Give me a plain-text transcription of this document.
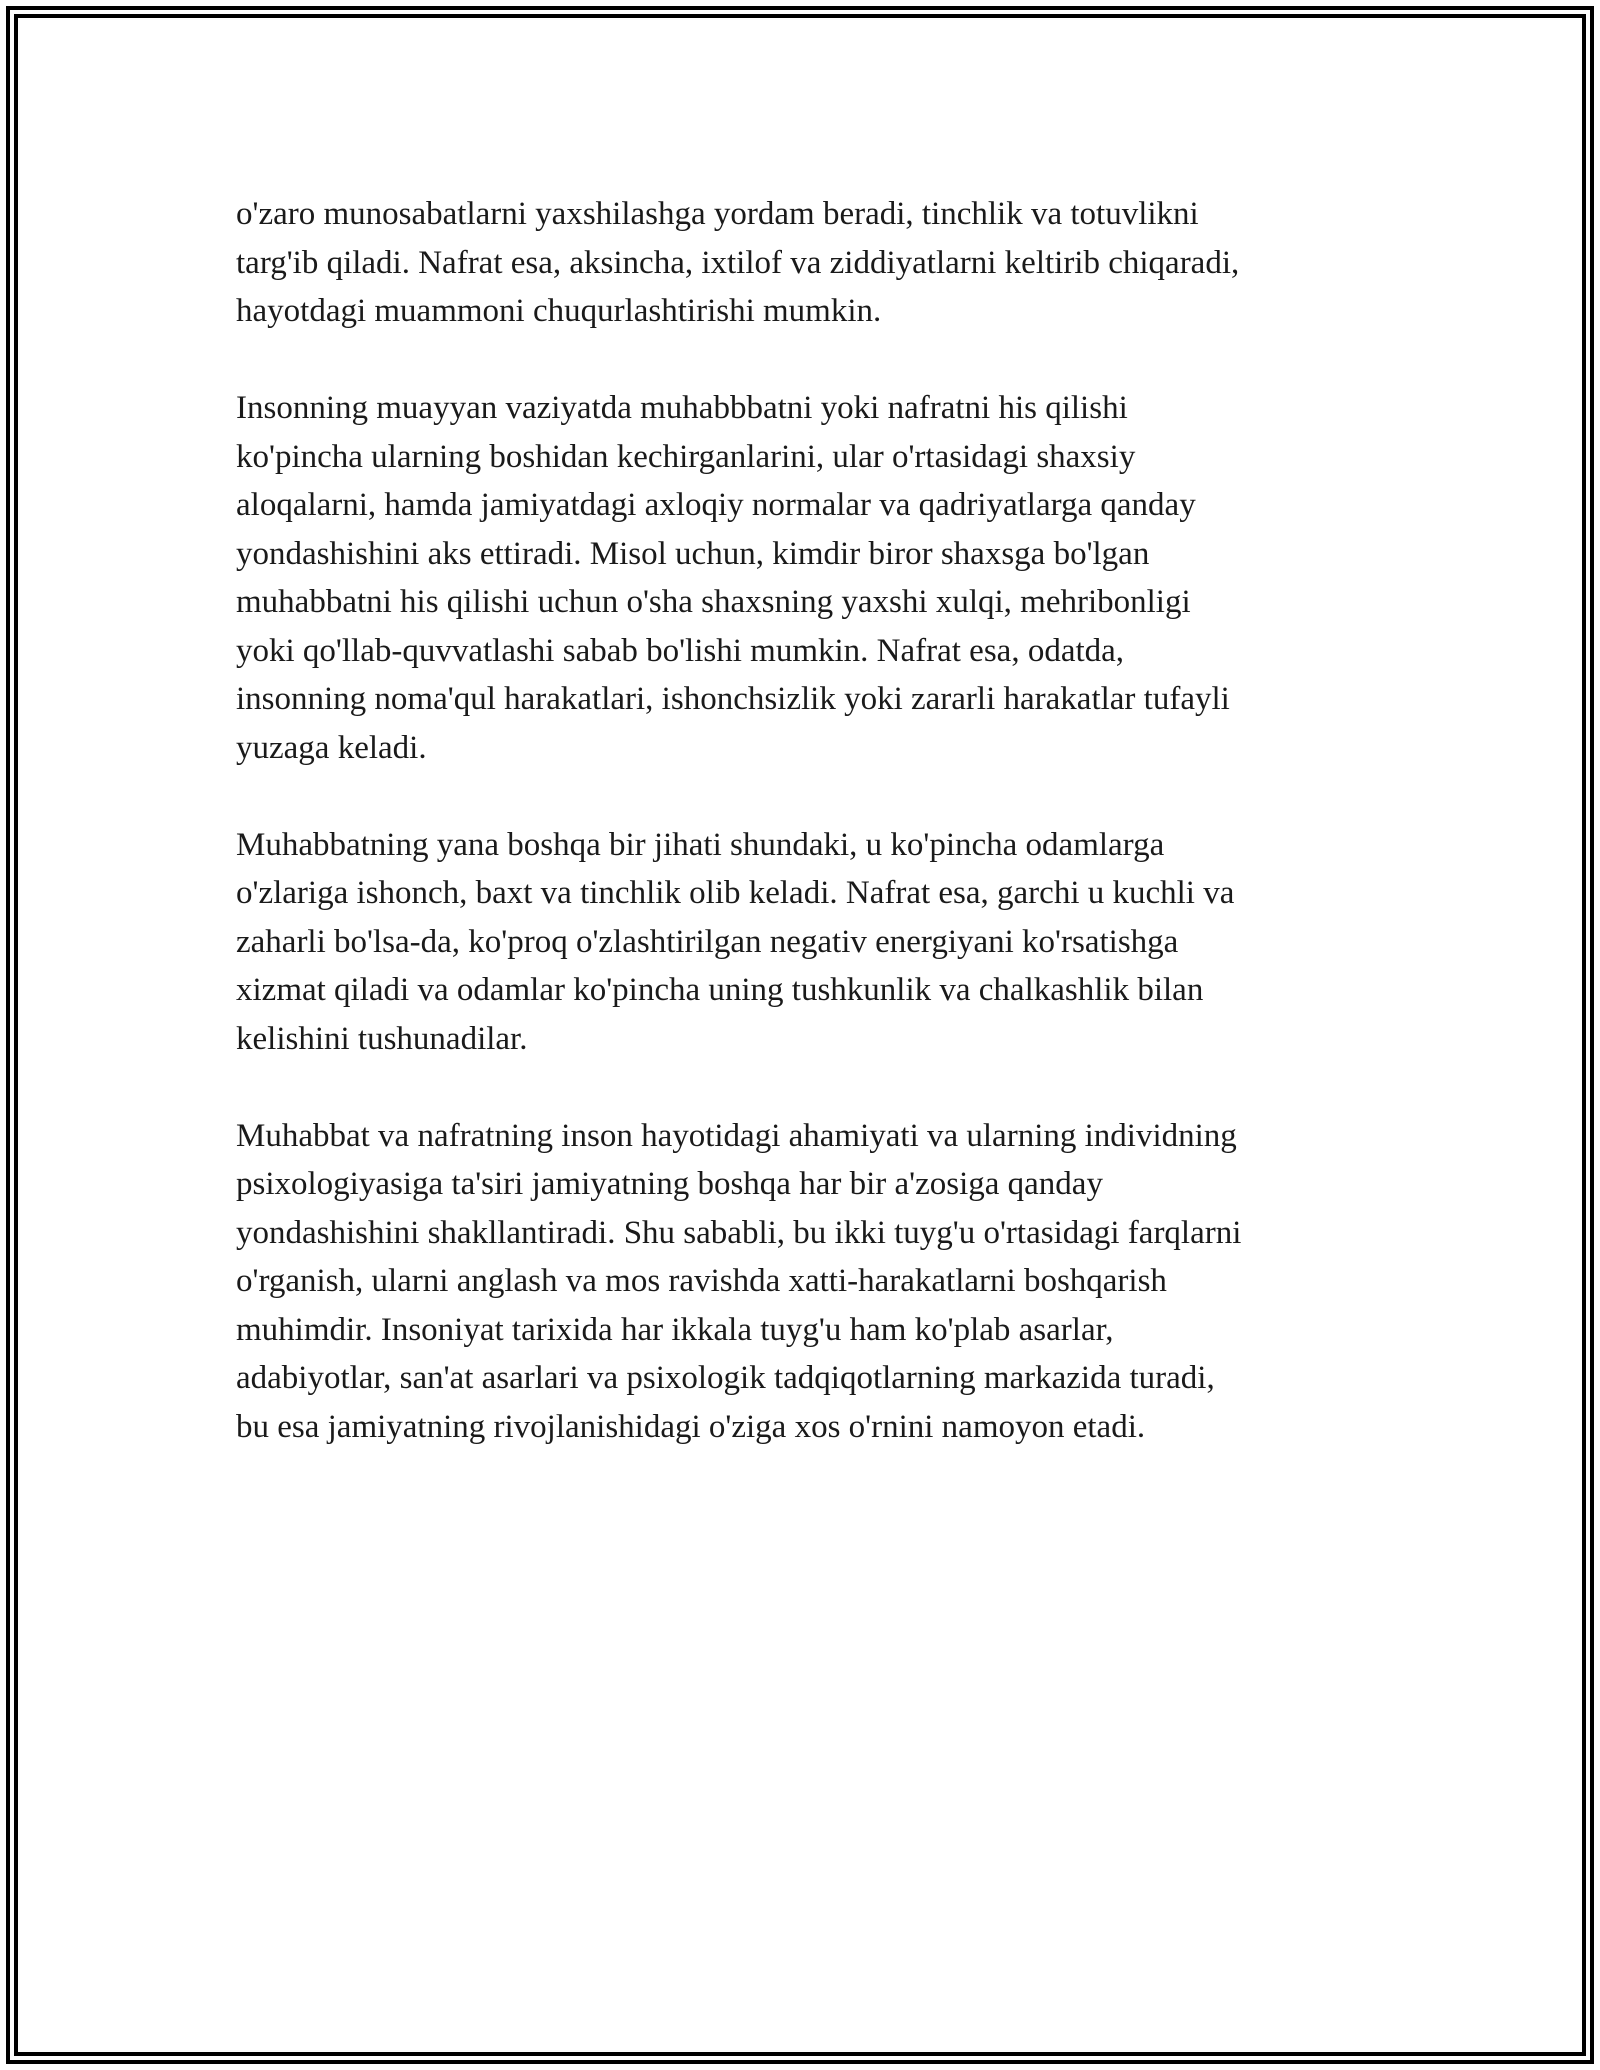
o'zaro munosabatlarni yaxshilashga yordam beradi, tinchlik va totuvlikni
targ'ib qiladi. Nafrat esa, aksincha, ixtilof va ziddiyatlarni keltirib chiqaradi,
hayotdagi muammoni chuqurlashtirishi mumkin.

Insonning muayyan vaziyatda muhabbbatni yoki nafratni his qilishi
ko'pincha ularning boshidan kechirganlarini, ular o'rtasidagi shaxsiy
aloqalarni, hamda jamiyatdagi axloqiy normalar va qadriyatlarga qanday
yondashishini aks ettiradi. Misol uchun, kimdir biror shaxsga bo'lgan
muhabbatni his qilishi uchun o'sha shaxsning yaxshi xulqi, mehribonligi
yoki qo'llab-quvvatlashi sabab bo'lishi mumkin. Nafrat esa, odatda,
insonning noma'qul harakatlari, ishonchsizlik yoki zararli harakatlar tufayli
yuzaga keladi.

Muhabbatning yana boshqa bir jihati shundaki, u ko'pincha odamlarga
o'zlariga ishonch, baxt va tinchlik olib keladi. Nafrat esa, garchi u kuchli va
zaharli bo'lsa-da, ko'proq o'zlashtirilgan negativ energiyani ko'rsatishga
xizmat qiladi va odamlar ko'pincha uning tushkunlik va chalkashlik bilan
kelishini tushunadilar.

Muhabbat va nafratning inson hayotidagi ahamiyati va ularning individning
psixologiyasiga ta'siri jamiyatning boshqa har bir a'zosiga qanday
yondashishini shakllantiradi. Shu sababli, bu ikki tuyg'u o'rtasidagi farqlarni
o'rganish, ularni anglash va mos ravishda xatti-harakatlarni boshqarish
muhimdir. Insoniyat tarixida har ikkala tuyg'u ham ko'plab asarlar,
adabiyotlar, san'at asarlari va psixologik tadqiqotlarning markazida turadi,
bu esa jamiyatning rivojlanishidagi o'ziga xos o'rnini namoyon etadi.
